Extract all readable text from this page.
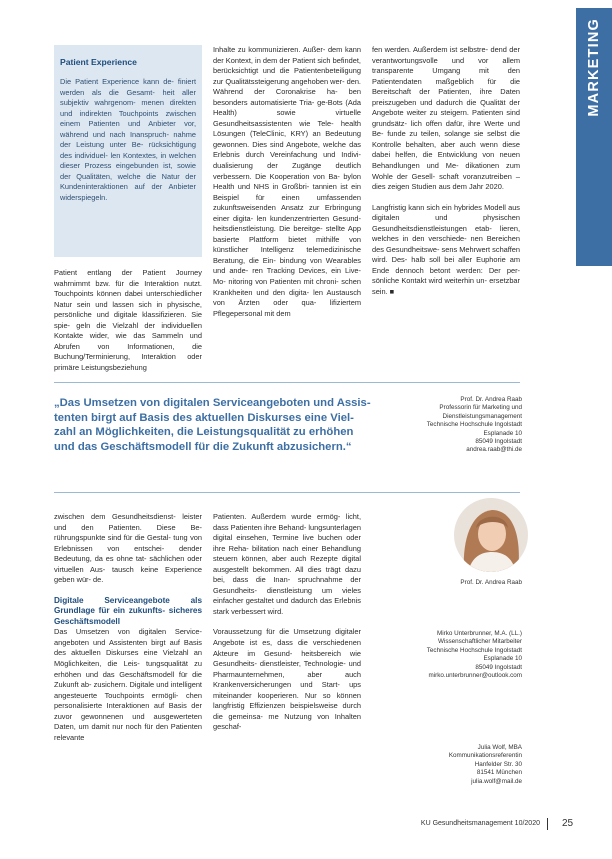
MARKETING
Patient Experience
Die Patient Experience kann de- finiert werden als die Gesamt- heit aller subjektiv wahrgenom- menen direkten und indirekten Touchpoints zwischen einem Patienten und Anbieter vor, während und nach Inanspruch- nahme der Leistung unter Be- rücksichtigung des individuel- len Kontextes, in welchen dieser Prozess eingebunden ist, sowie der Qualitäten, welche die Natur der Kundeninteraktionen auf der Anbieter widerspiegeln.

Patient entlang der Patient Journey wahrnimmt bzw. für die Interaktion nutzt. Touchpoints können dabei unterschiedlicher Natur sein und lassen sich in physische, persönliche und digitale klassifizieren. Sie spie- geln die Vielzahl der individuellen Kontakte wider, wie das Sammeln und Abrufen von Informationen, die Buchung/Terminierung, Interaktion oder primäre Leistungsbeziehung

Inhalte zu kommunizieren. Außer- dem kann der Kontext, in dem der Patient sich befindet, berücksichtigt und die Patientenbeteiligung zur Qualitätssteigerung angehoben wer- den. Während der Coronakrise ha- ben besonders automatisierte Tria- ge-Bots (Ada Health) sowie virtuelle Gesundheitsassistenten wie Tele- health Lösungen (TeleClinic, KRY) an Bedeutung gewonnen. Dies sind Angebote, welche das Erlebnis durch Vereinfachung und Indivi- dualisierung der Zugänge deutlich verbessern. Die Kooperation von Ba- bylon Health und NHS in Großbri- tannien ist ein Beispiel für einen umfassenden zukunftsweisenden Ansatz zur Erbringung einer digita- len kundenzentrierten Gesund- heitsdienstleistung. Die bereitge- stellte App basierte Plattform bietet mithilfe von künstlicher Intelligenz telemedizinische Beratung, die Ein- bindung von Wearables und ande- ren Tracking Devices, ein Live-Mo- nitoring von Patienten mit chroni- schen Krankheiten und den digita- len Austausch von Ärzten oder qua- lifiziertem Pflegepersonal mit dem

fen werden. Außerdem ist selbstre- dend der verantwortungsvolle und vor allem transparente Umgang mit den Patientendaten maßgeblich für die Bereitschaft der Patienten, ihre Daten preiszugeben und dadurch die Qualität der Angebote weiter zu steigern. Patienten sind grundsätz- lich offen dafür, ihre Werte und Be- funde zu teilen, solange sie selbst die Kontrolle behalten, aber auch wenn diese dabei helfen, die Entwicklung von neuen Behandlungen und Me- dikationen zum Wohle der Gesell- schaft voranzutreiben – dies zeigen Studien aus dem Jahr 2020.

Langfristig kann sich ein hybrides Modell aus digitalen und physischen Gesundheitsdienstleistungen etab- lieren, welches in den verschiede- nen Bereichen des Gesundheitswe- sens Mehrwert schaffen wird. Des- halb soll bei aller Euphorie am Ende dennoch betont werden: Der per- sönliche Kontakt wird weiterhin un- ersetzbar sein. ■

„Das Umsetzen von digitalen Serviceangeboten und Assis- tenten birgt auf Basis des aktuellen Diskurses eine Viel- zahl an Möglichkeiten, die Leistungsqualität zu erhöhen und das Geschäftsmodell für die Zukunft abzusichern.“
Prof. Dr. Andrea Raab
Professorin für Marketing und
Dienstleistungsmanagement
Technische Hochschule Ingolstadt
Esplanade 10
85049 Ingolstadt
andrea.raab@thi.de
Prof. Dr. Andrea Raab
Mirko Unterbrunner, M.A. (LL.)
Wissenschaftlicher Mitarbeiter
Technische Hochschule Ingolstadt
Esplanade 10
85049 Ingolstadt
mirko.unterbrunner@outlook.com
Julia Wolf, MBA
Kommunikationsreferentin
Hanfelder Str. 30
81541 München
julia.wolf@mail.de

zwischen dem Gesundheitsdienst- leister und den Patienten. Diese Be- rührungspunkte sind für die Gestal- tung von Erlebnissen von entschei- dender Bedeutung, da es ohne tat- sächlichen oder virtuellen Aus- tausch keine Experience geben wür- de.

Digitale Serviceangebote als Grundlage für ein zukunfts- sicheres Geschäftsmodell

Das Umsetzen von digitalen Service- angeboten und Assistenten birgt auf Basis des aktuellen Diskurses eine Vielzahl an Möglichkeiten, die Leis- tungsqualität zu erhöhen und das Geschäftsmodell für die Zukunft ab- zusichern. Digitale und intelligent angesteuerte Touchpoints ermögli- chen personalisierte Interaktionen auf Basis der zuvor gewonnenen und ausgewerteten Daten, um damit nur noch für den Patienten relevante

Patienten. Außerdem wurde ermög- licht, dass Patienten ihre Behand- lungsunterlagen digital einsehen, Termine live buchen oder ihre Reha- bilitation nach einer Behandlung steuern können, aber auch Rezepte digital ausgestellt bekommen. All dies trägt dazu bei, dass die Inan- spruchnahme der Gesundheits- dienstleistung um vieles einfacher gestaltet und dadurch das Erlebnis stark verbessert wird.

Voraussetzung für die Umsetzung digitaler Angebote ist es, dass die verschiedenen Akteure im Gesund- heitsbereich wie Gesundheits- dienstleister, Technologie- und Pharmaunternehmen, aber auch Krankenversicherungen und Start- ups miteinander kooperieren. Nur so können langfristig Effizienzen beispielsweise durch die gemeinsa- me Nutzung von Inhalten geschaf-

KU Gesundheitsmanagement 10/2020 25
